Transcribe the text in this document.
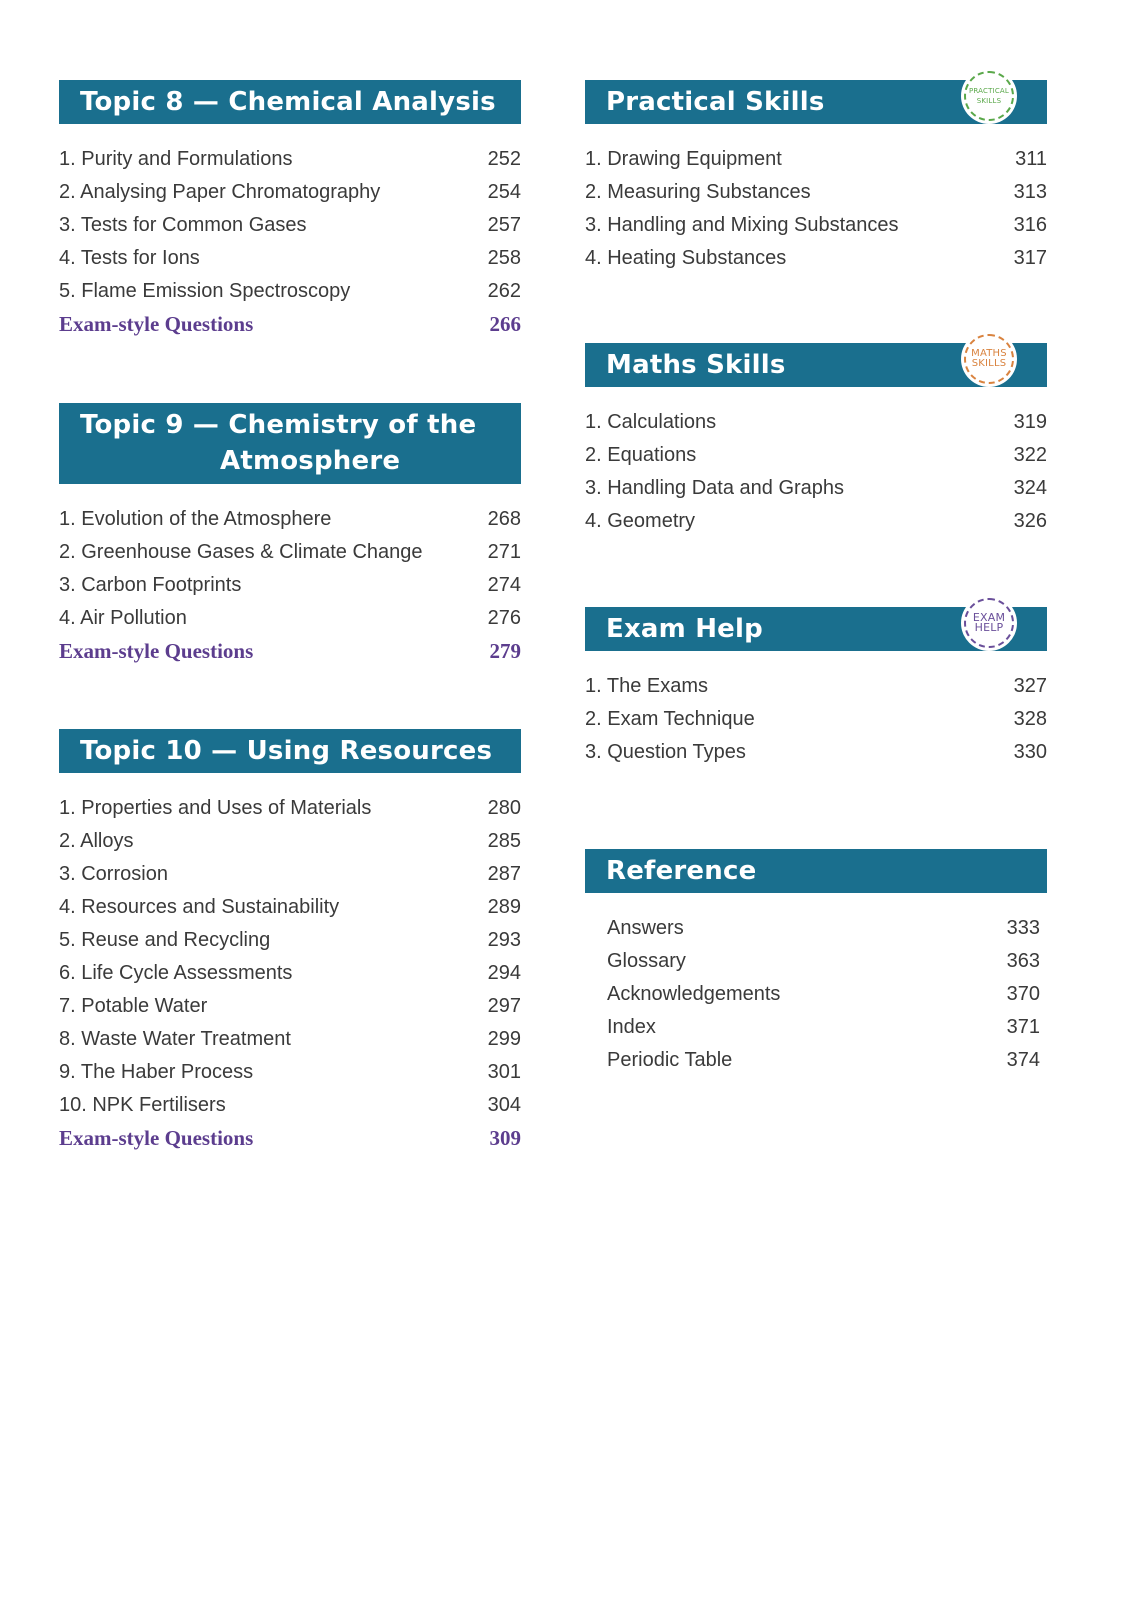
Topic 8 — Chemical Analysis
1. Purity and Formulations	252
2. Analysing Paper Chromatography	254
3. Tests for Common Gases	257
4. Tests for Ions	258
5. Flame Emission Spectroscopy	262
Exam-style Questions	266
Topic 9 — Chemistry of the
Atmosphere
1. Evolution of the Atmosphere	268
2. Greenhouse Gases & Climate Change	271
3. Carbon Footprints	274
4. Air Pollution	276
Exam-style Questions	279
Topic 10 — Using Resources
1. Properties and Uses of Materials	280
2. Alloys	285
3. Corrosion	287
4. Resources and Sustainability	289
5. Reuse and Recycling	293
6. Life Cycle Assessments	294
7. Potable Water	297
8. Waste Water Treatment	299
9. The Haber Process	301
10. NPK Fertilisers	304
Exam-style Questions	309
Practical Skills	PRACTICAL
SKILLS
1. Drawing Equipment	311
2. Measuring Substances	313
3. Handling and Mixing Substances	316
4. Heating Substances	317
Maths Skills	MATHS
SKILLS
1. Calculations	319
2. Equations	322
3. Handling Data and Graphs	324
4. Geometry	326
Exam Help	EXAM
HELP
1. The Exams	327
2. Exam Technique	328
3. Question Types	330
Reference
Answers	333
Glossary	363
Acknowledgements	370
Index	371
Periodic Table	374
